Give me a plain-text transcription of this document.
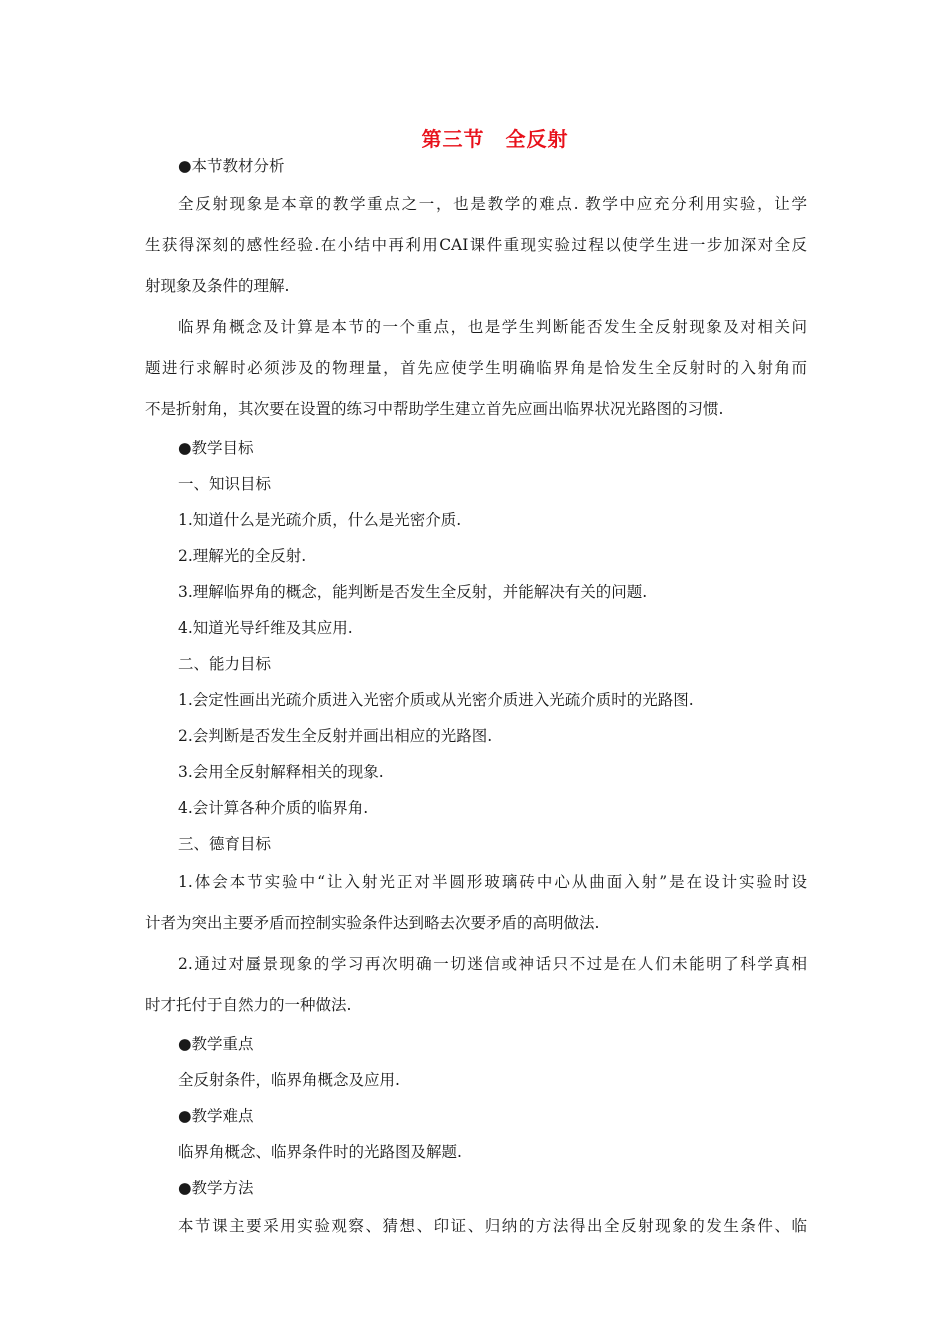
第三节　全反射
●本节教材分析
全反射现象是本章的教学重点之一，也是教学的难点. 教学中应充分利用实验，让学
生获得深刻的感性经验.在小结中再利用CAI课件重现实验过程以使学生进一步加深对全反
射现象及条件的理解.
临界角概念及计算是本节的一个重点，也是学生判断能否发生全反射现象及对相关问
题进行求解时必须涉及的物理量，首先应使学生明确临界角是恰发生全反射时的入射角而
不是折射角，其次要在设置的练习中帮助学生建立首先应画出临界状况光路图的习惯.
●教学目标
一、知识目标
1.知道什么是光疏介质，什么是光密介质.
2.理解光的全反射.
3.理解临界角的概念，能判断是否发生全反射，并能解决有关的问题.
4.知道光导纤维及其应用.
二、能力目标
1.会定性画出光疏介质进入光密介质或从光密介质进入光疏介质时的光路图.
2.会判断是否发生全反射并画出相应的光路图.
3.会用全反射解释相关的现象.
4.会计算各种介质的临界角.
三、德育目标
1.体会本节实验中“让入射光正对半圆形玻璃砖中心从曲面入射”是在设计实验时设
计者为突出主要矛盾而控制实验条件达到略去次要矛盾的高明做法.
2.通过对蜃景现象的学习再次明确一切迷信或神话只不过是在人们未能明了科学真相
时才托付于自然力的一种做法.
●教学重点
全反射条件，临界角概念及应用.
●教学难点
临界角概念、临界条件时的光路图及解题.
●教学方法
本节课主要采用实验观察、猜想、印证、归纳的方法得出全反射现象的发生条件、临
